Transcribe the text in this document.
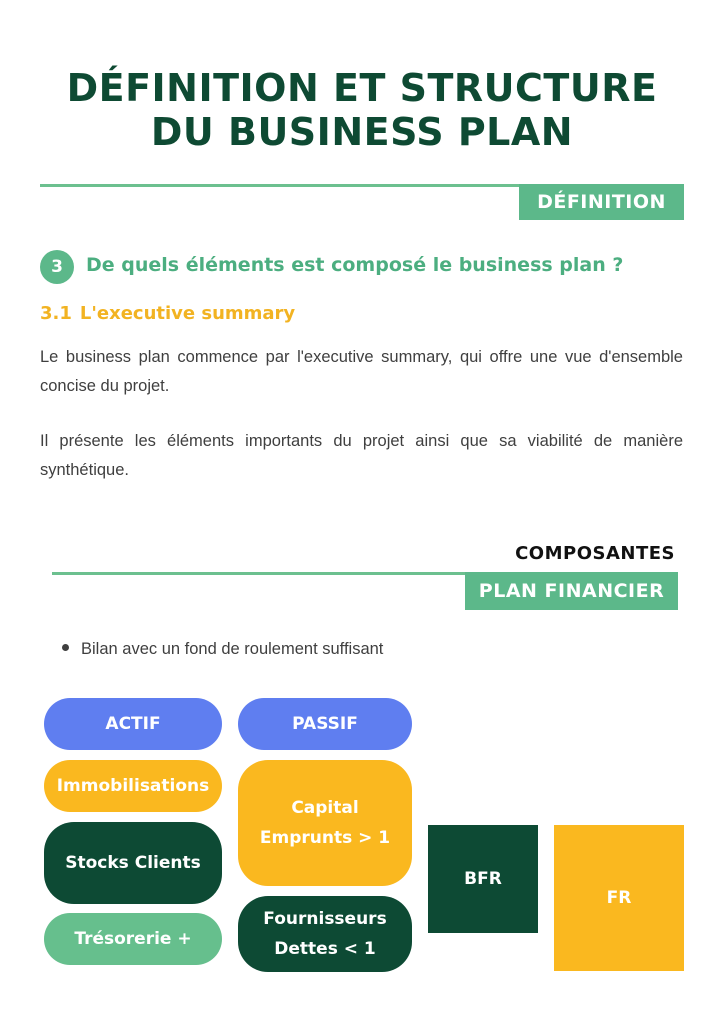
DÉFINITION ET STRUCTURE
DU BUSINESS PLAN
DÉFINITION
3	De quels éléments est composé le business plan ?
3.1 L'executive summary

Le business plan commence par l'executive summary, qui offre une vue d'ensemble concise du projet.

Il présente les éléments importants du projet ainsi que sa viabilité de manière synthétique.

COMPOSANTES
PLAN FINANCIER
Bilan avec un fond de roulement suffisant
ACTIF	PASSIF
Immobilisations
Stocks Clients
Trésorerie +
Capital
Emprunts > 1
Fournisseurs
Dettes < 1
BFR
FR
